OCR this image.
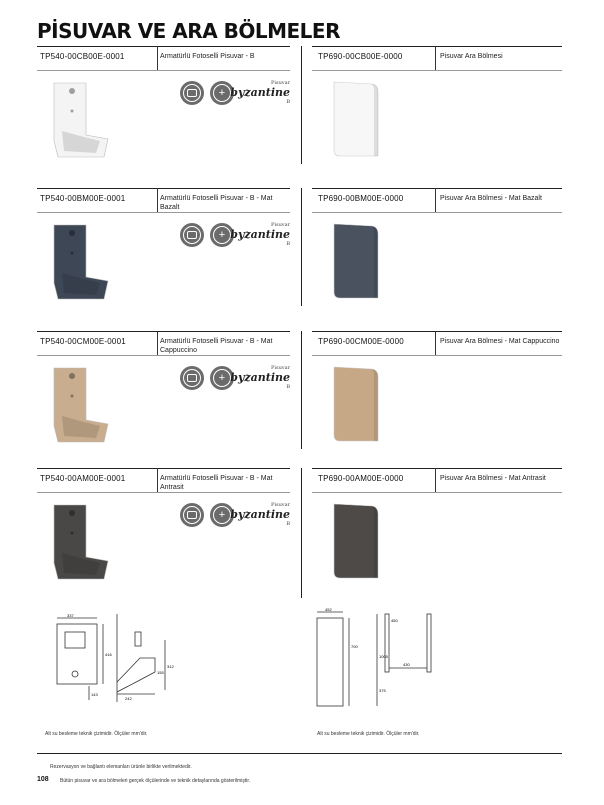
PİSUVAR VE ARA BÖLMELER
TP540-00CB00E-0001	Armatürlü Fotoselli Pisuvar - B	TP690-00CB00E-0000	Pisuvar Ara Bölmesi
+
Pisuvar
byzantine
B
TP540-00BM00E-0001	Armatürlü Fotoselli Pisuvar - B - Mat Bazalt
TP690-00BM00E-0000	Pisuvar Ara Bölmesi - Mat Bazalt
+
Pisuvar
byzantine
B
TP540-00CM00E-0001	Armatürlü Fotoselli Pisuvar - B - Mat Cappuccino
TP690-00CM00E-0000	Pisuvar Ara Bölmesi - Mat Cappuccino
+
Pisuvar
byzantine
B
TP540-00AM00E-0001	Armatürlü Fotoselli Pisuvar - B - Mat Antrasit
TP690-00AM00E-0000	Pisuvar Ara Bölmesi - Mat Antrasit
+
Pisuvar
byzantine
B
337
416
242
155
312
143
452
700
1005
430
375
450
Alt su besleme teknik çizimidir. Ölçüler mm'dir.	Alt su besleme teknik çizimidir. Ölçüler mm'dir.
Rezervasyon ve bağlantı elemanları ürünle birlikte verilmektedir.
108 Bütün pisuvar ve ara bölmeleri gerçek ölçülerinde ve teknik detaylarında gösterilmiştir.
